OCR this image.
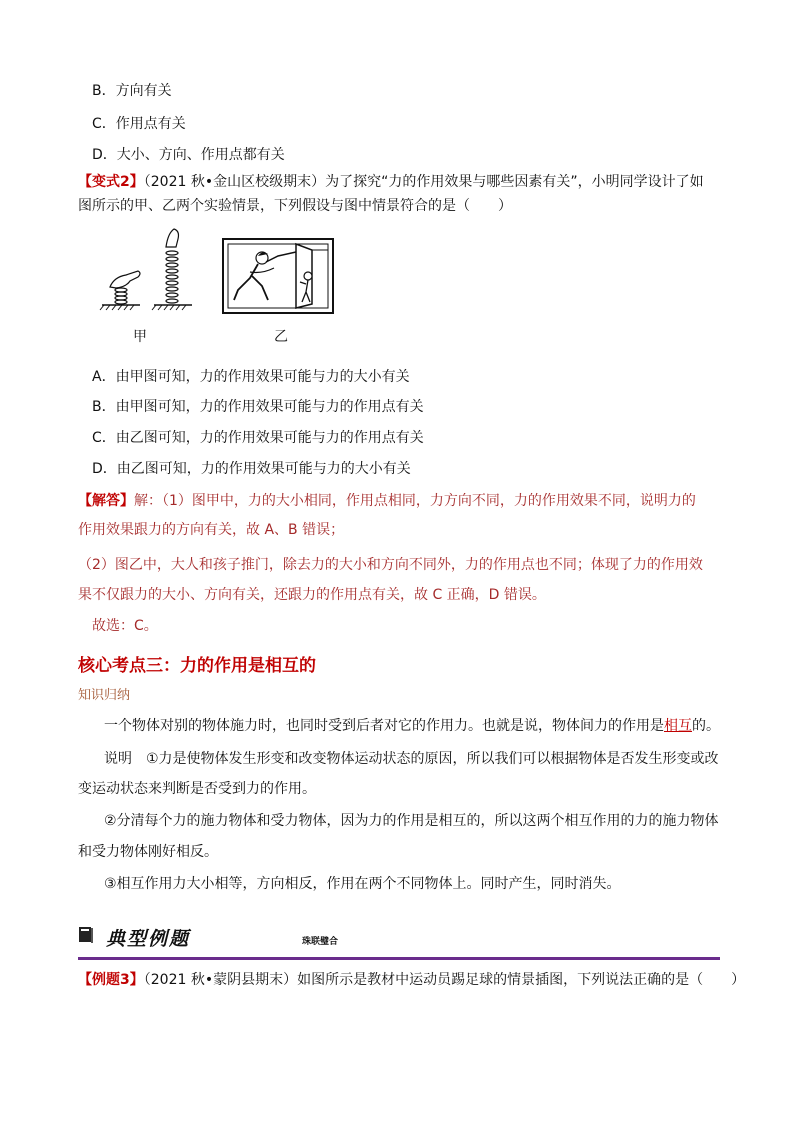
B．方向有关
C．作用点有关
D．大小、方向、作用点都有关
【变式2】（2021 秋•金山区校级期末）为了探究“力的作用效果与哪些因素有关”，小明同学设计了如
图所示的甲、乙两个实验情景，下列假设与图中情景符合的是（　　）
甲	乙
A．由甲图可知，力的作用效果可能与力的大小有关
B．由甲图可知，力的作用效果可能与力的作用点有关
C．由乙图可知，力的作用效果可能与力的作用点有关
D．由乙图可知，力的作用效果可能与力的大小有关
【解答】解：（1）图甲中，力的大小相同，作用点相同，力方向不同，力的作用效果不同，说明力的
作用效果跟力的方向有关，故 A、B 错误；
（2）图乙中，大人和孩子推门，除去力的大小和方向不同外，力的作用点也不同；体现了力的作用效
果不仅跟力的大小、方向有关，还跟力的作用点有关，故 C 正确，D 错误。
故选：C。
核心考点三：力的作用是相互的
知识归纳
一个物体对别的物体施力时，也同时受到后者对它的作用力。也就是说，物体间力的作用是相互的。
说明 ①力是使物体发生形变和改变物体运动状态的原因，所以我们可以根据物体是否发生形变或改
变运动状态来判断是否受到力的作用。
②分清每个力的施力物体和受力物体，因为力的作用是相互的，所以这两个相互作用的力的施力物体
和受力物体刚好相反。
③相互作用力大小相等，方向相反，作用在两个不同物体上。同时产生，同时消失。
典型例题	珠联璧合
【例题3】（2021 秋•蒙阴县期末）如图所示是教材中运动员踢足球的情景插图，下列说法正确的是（　　）
